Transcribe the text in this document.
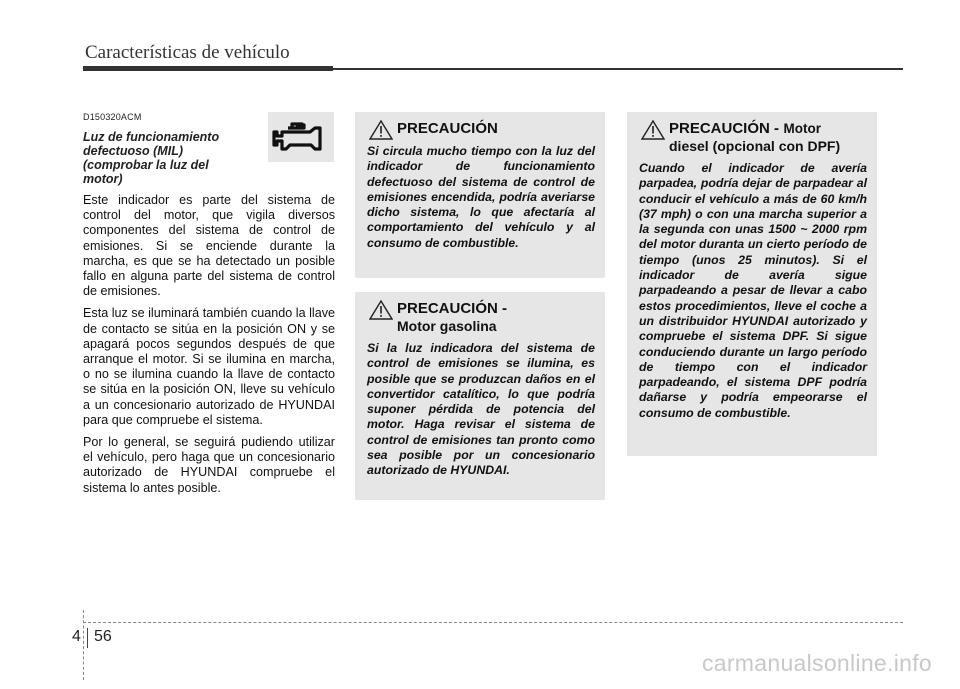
Características de vehículo
D150320ACM
Luz de funcionamiento
defectuoso (MIL)
(comprobar la luz del
motor)

Este indicador es parte del sistema de control del motor, que vigila diversos componentes del sistema de control de emisiones. Si se enciende durante la marcha, es que se ha detectado un posible fallo en alguna parte del sistema de control de emisiones.

Esta luz se iluminará también cuando la llave de contacto se sitúa en la posición ON y se apagará pocos segundos después de que arranque el motor. Si se ilumina en marcha, o no se ilumina cuando la llave de contacto se sitúa en la posición ON, lleve su vehículo a un concesionario autorizado de HYUNDAI para que compruebe el sistema.

Por lo general, se seguirá pudiendo utilizar el vehículo, pero haga que un concesionario autorizado de HYUNDAI compruebe el sistema lo antes posible.

PRECAUCIÓN
Si circula mucho tiempo con la luz del indicador de funcionamiento defectuoso del sistema de control de emisiones encendida, podría averiarse dicho sistema, lo que afectaría al comportamiento del vehículo y al consumo de combustible.
PRECAUCIÓN -

Motor gasolina
Si la luz indicadora del sistema de control de emisiones se ilumina, es posible que se produzcan daños en el convertidor catalítico, lo que podría suponer pérdida de potencia del motor. Haga revisar el sistema de control de emisiones tan pronto como sea posible por un concesionario autorizado de HYUNDAI.
PRECAUCIÓN - Motor

diesel (opcional con DPF)
Cuando el indicador de avería parpadea, podría dejar de parpadear al conducir el vehículo a más de 60 km/h (37 mph) o con una marcha superior a la segunda con unas 1500 ~ 2000 rpm del motor duranta un cierto período de tiempo (unos 25 minutos). Si el indicador de avería sigue parpadeando a pesar de llevar a cabo estos procedimientos, lleve el coche a un distribuidor HYUNDAI autorizado y compruebe el sistema DPF. Si sigue conduciendo durante un largo período de tiempo con el indicador parpadeando, el sistema DPF podría dañarse y podría empeorarse el consumo de combustible.
4 56
carmanualsonline.info
